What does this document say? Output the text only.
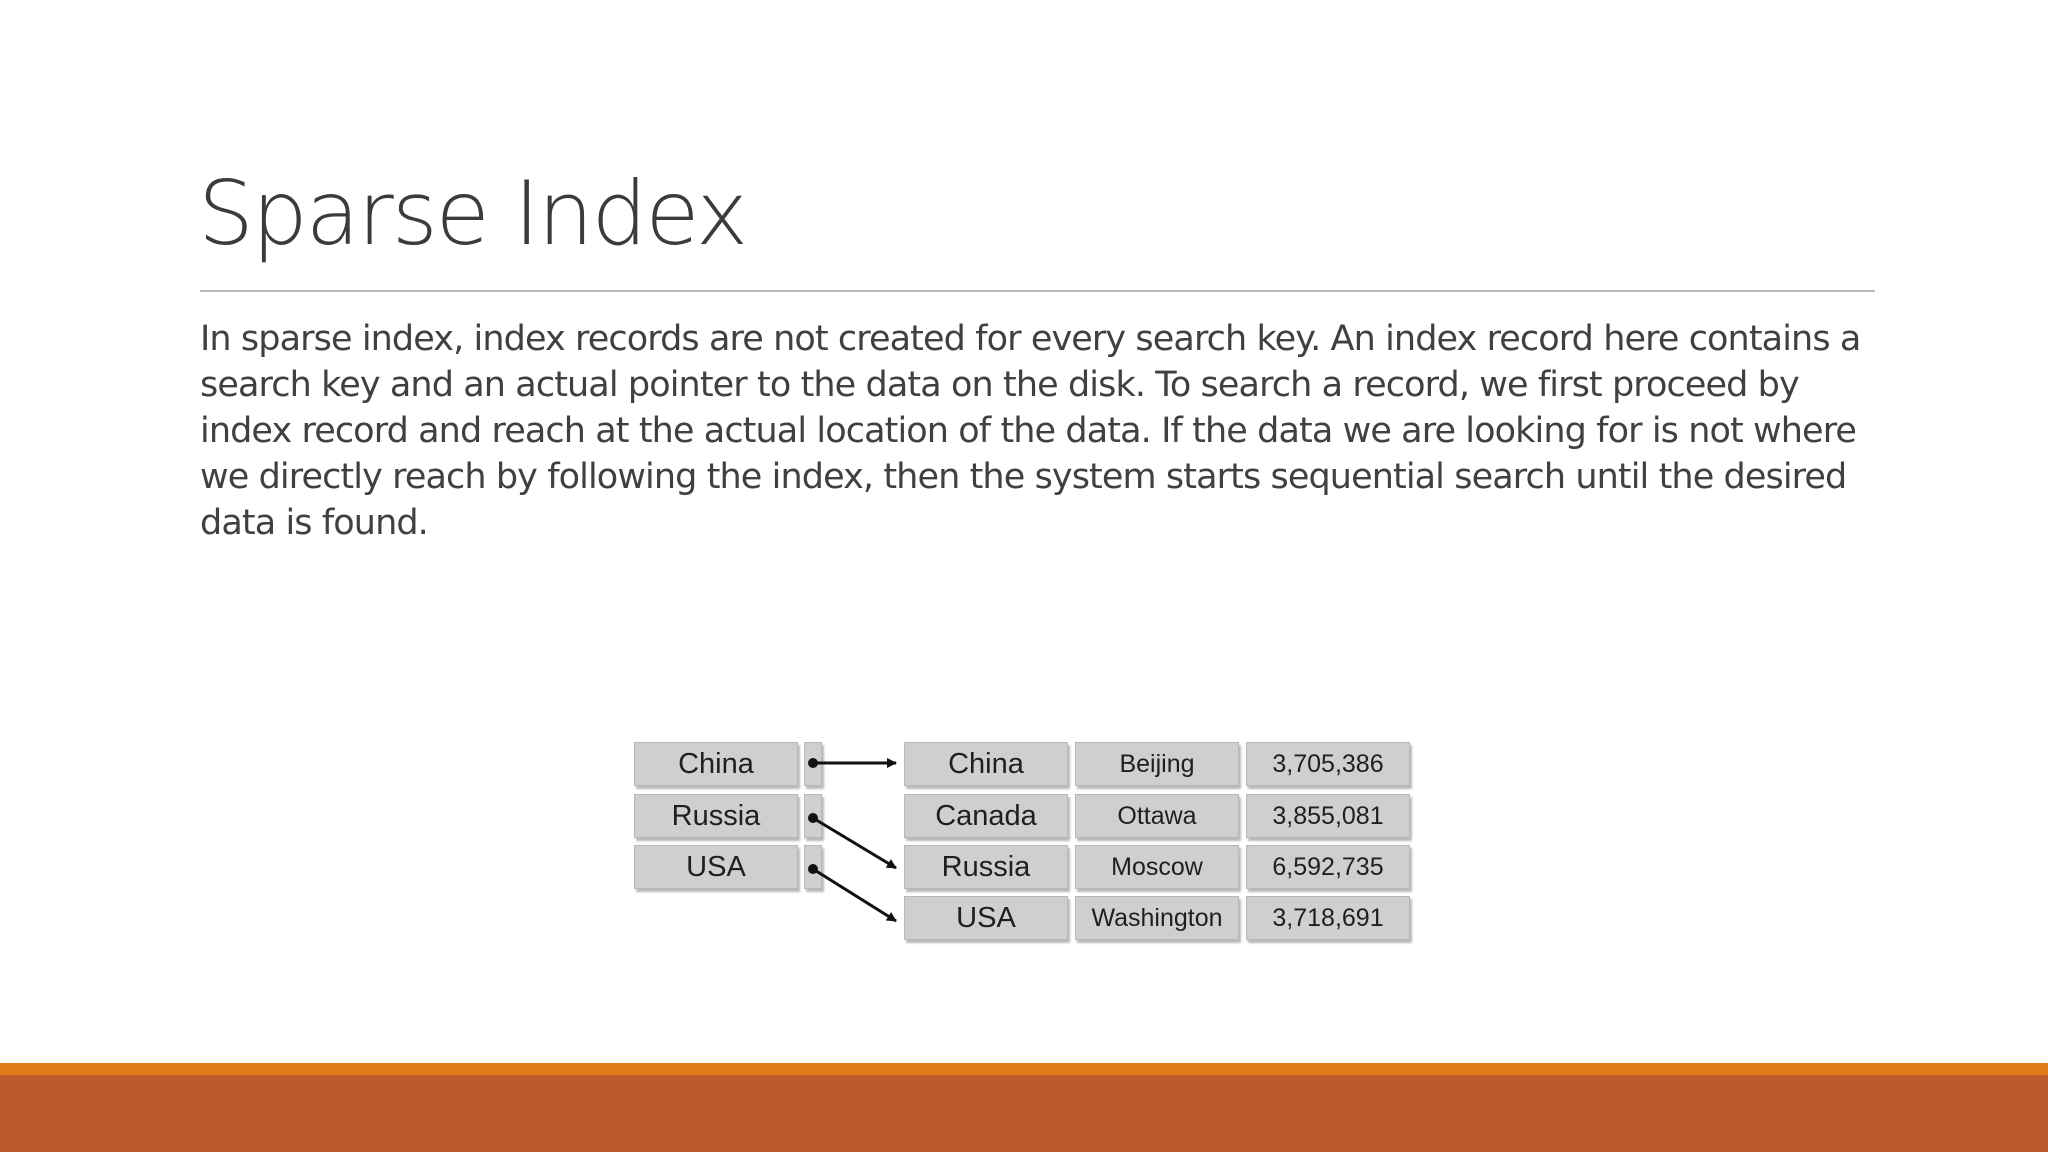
Sparse Index

In sparse index, index records are not created for every search key. An index record here contains a search key and an actual pointer to the data on the disk. To search a record, we first proceed by index record and reach at the actual location of the data. If the data we are looking for is not where we directly reach by following the index, then the system starts sequential search until the desired data is found.

China
Russia
USA
China	Beijing	3,705,386
Canada	Ottawa	3,855,081
Russia	Moscow	6,592,735
USA	Washington	3,718,691
